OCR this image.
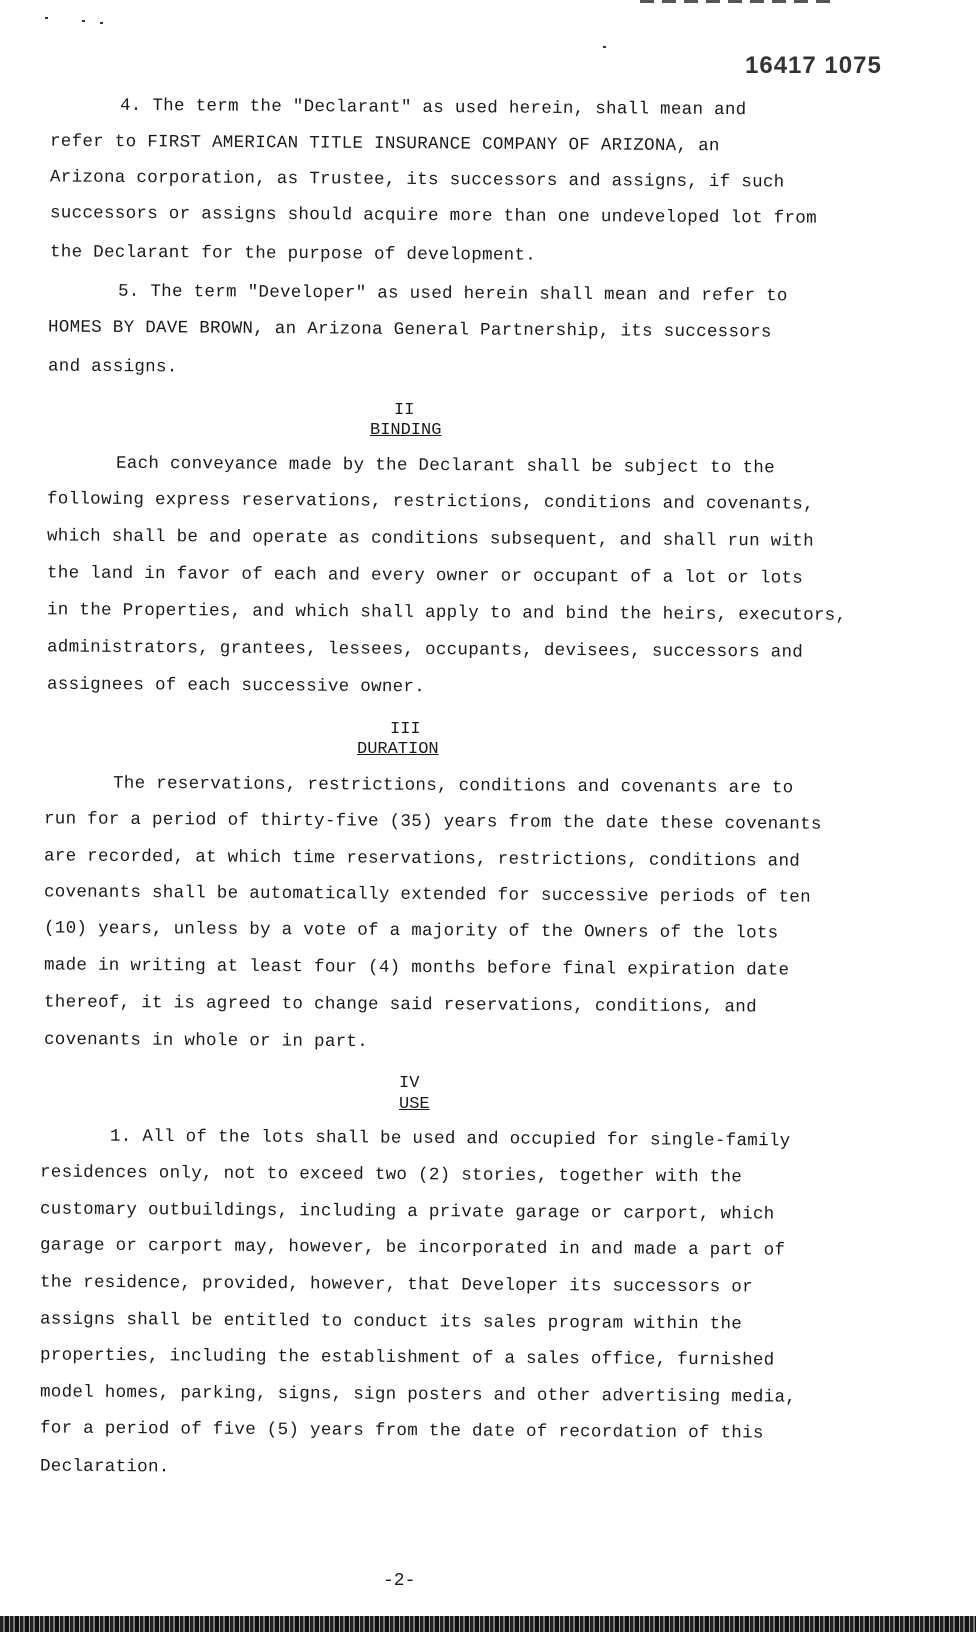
16417 1075
4. The term the "Declarant" as used herein, shall mean and
refer to FIRST AMERICAN TITLE INSURANCE COMPANY OF ARIZONA, an
Arizona corporation, as Trustee, its successors and assigns, if such
successors or assigns should acquire more than one undeveloped lot from
the Declarant for the purpose of development.
5. The term "Developer" as used herein shall mean and refer to
HOMES BY DAVE BROWN, an Arizona General Partnership, its successors
and assigns.
II
BINDING
Each conveyance made by the Declarant shall be subject to the
following express reservations, restrictions, conditions and covenants,
which shall be and operate as conditions subsequent, and shall run with
the land in favor of each and every owner or occupant of a lot or lots
in the Properties, and which shall apply to and bind the heirs, executors,
administrators, grantees, lessees, occupants, devisees, successors and
assignees of each successive owner.
III
DURATION
The reservations, restrictions, conditions and covenants are to
run for a period of thirty-five (35) years from the date these covenants
are recorded, at which time reservations, restrictions, conditions and
covenants shall be automatically extended for successive periods of ten
(10) years, unless by a vote of a majority of the Owners of the lots
made in writing at least four (4) months before final expiration date
thereof, it is agreed to change said reservations, conditions, and
covenants in whole or in part.
IV
USE
1. All of the lots shall be used and occupied for single-family
residences only, not to exceed two (2) stories, together with the
customary outbuildings, including a private garage or carport, which
garage or carport may, however, be incorporated in and made a part of
the residence, provided, however, that Developer its successors or
assigns shall be entitled to conduct its sales program within the
properties, including the establishment of a sales office, furnished
model homes, parking, signs, sign posters and other advertising media,
for a period of five (5) years from the date of recordation of this
Declaration.
-2-
